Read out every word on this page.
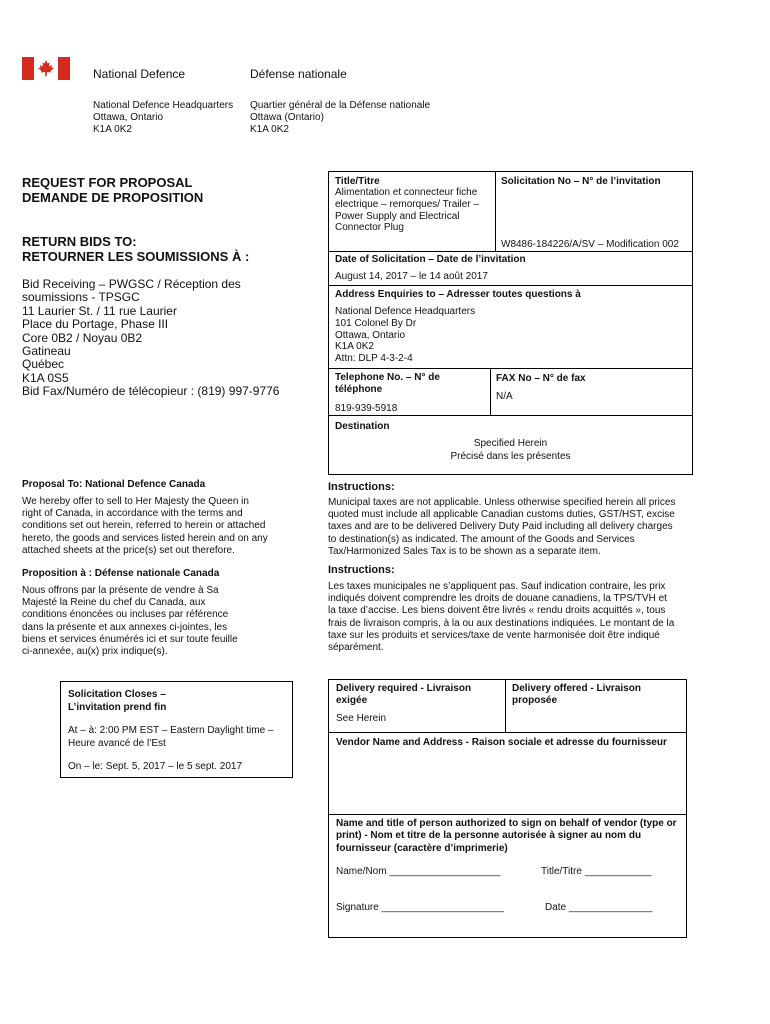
National Defence	Défense nationale
National Defence Headquarters
Ottawa, Ontario
K1A 0K2
Quartier général de la Défense nationale
Ottawa (Ontario)
K1A 0K2
REQUEST FOR PROPOSAL
DEMANDE DE PROPOSITION
RETURN BIDS TO:
RETOURNER LES SOUMISSIONS À :
Bid Receiving – PWGSC / Réception des
soumissions - TPSGC
11 Laurier St. / 11 rue Laurier
Place du Portage, Phase III
Core 0B2 / Noyau 0B2
Gatineau
Québec
K1A 0S5
Bid Fax/Numéro de télécopieur : (819) 997-9776
Proposal To: National Defence Canada
We hereby offer to sell to Her Majesty the Queen in
right of Canada, in accordance with the terms and
conditions set out herein, referred to herein or attached
hereto, the goods and services listed herein and on any
attached sheets at the price(s) set out therefore.
Proposition à : Défense nationale Canada
Nous offrons par la présente de vendre à Sa
Majesté la Reine du chef du Canada, aux
conditions énoncées ou incluses par référence
dans la présente et aux annexes ci-jointes, les
biens et services énumérés ici et sur toute feuille
ci-annexée, au(x) prix indique(s).
Solicitation Closes –
L’invitation prend fin
At – à: 2:00 PM EST – Eastern Daylight time –
Heure avancé de l’Est
On – le: Sept. 5, 2017 – le 5 sept. 2017
Title/Titre
Alimentation et connecteur fiche
electrique – remorques/ Trailer –
Power Supply and Electrical
Connector Plug
Solicitation No – N° de l’invitation
W8486-184226/A/SV – Modification 002
Date of Solicitation – Date de l’invitation
August 14, 2017 – le 14 août 2017
Address Enquiries to – Adresser toutes questions à
National Defence Headquarters
101 Colonel By Dr
Ottawa, Ontario
K1A 0K2
Attn: DLP 4-3-2-4
Telephone No. – N° de
téléphone
819-939-5918
FAX No – N° de fax
N/A
Destination
Specified Herein
Précisé dans les présentes
Instructions:
Municipal taxes are not applicable. Unless otherwise specified herein all prices
quoted must include all applicable Canadian customs duties, GST/HST, excise
taxes and are to be delivered Delivery Duty Paid including all delivery charges
to destination(s) as indicated. The amount of the Goods and Services
Tax/Harmonized Sales Tax is to be shown as a separate item.
Instructions:
Les taxes municipales ne s’appliquent pas. Sauf indication contraire, les prix
indiqués doivent comprendre les droits de douane canadiens, la TPS/TVH et
la taxe d’accise. Les biens doivent être livrés « rendu droits acquittés », tous
frais de livraison compris, à la ou aux destinations indiquées. Le montant de la
taxe sur les produits et services/taxe de vente harmonisée doit être indiqué
séparément.
Delivery required - Livraison
exigée
See Herein
Delivery offered - Livraison
proposée
Vendor Name and Address - Raison sociale et adresse du fournisseur
Name and title of person authorized to sign on behalf of vendor (type or
print) - Nom et titre de la personne autorisée à signer au nom du
fournisseur (caractère d’imprimerie)
Name/Nom ____________________	Title/Titre ____________
Signature ______________________	Date _______________
